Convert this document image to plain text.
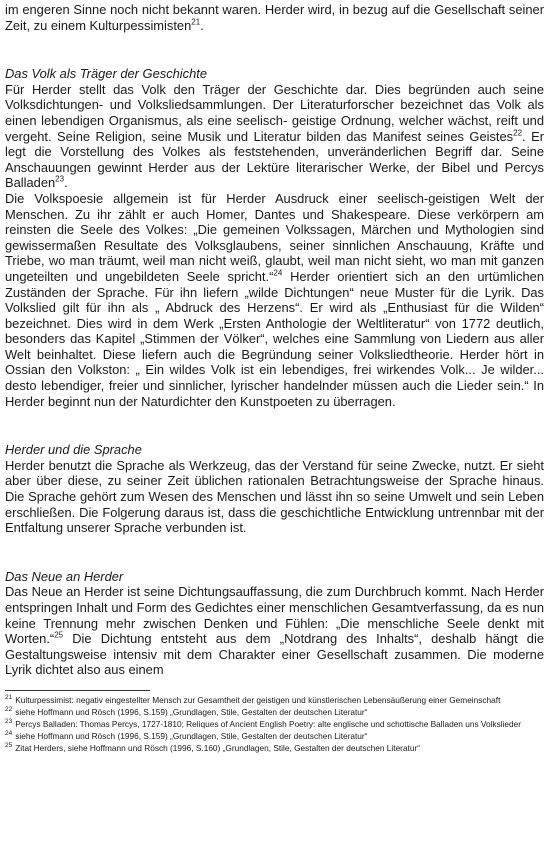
im engeren Sinne noch nicht bekannt waren. Herder wird, in bezug auf die Gesellschaft seiner Zeit, zu einem Kulturpessimisten$^{21}$.

Das Volk als Träger der Geschichte

Für Herder stellt das Volk den Träger der Geschichte dar. Dies begründen auch seine Volksdichtungen- und Volksliedsammlungen. Der Literaturforscher bezeichnet das Volk als einen lebendigen Organismus, als eine seelisch- geistige Ordnung, welcher wächst, reift und vergeht. Seine Religion, seine Musik und Literatur bilden das Manifest seines Geistes$^{22}$. Er legt die Vorstellung des Volkes als feststehenden, unveränderlichen Begriff dar. Seine Anschauungen gewinnt Herder aus der Lektüre literarischer Werke, der Bibel und Percys Balladen$^{23}$.

Die Volkspoesie allgemein ist für Herder Ausdruck einer seelisch-geistigen Welt der Menschen. Zu ihr zählt er auch Homer, Dantes und Shakespeare. Diese verkörpern am reinsten die Seele des Volkes: „Die gemeinen Volkssagen, Märchen und Mythologien sind gewissermaßen Resultate des Volksglaubens, seiner sinnlichen Anschauung, Kräfte und Triebe, wo man träumt, weil man nicht weiß, glaubt, weil man nicht sieht, wo man mit ganzen ungeteilten und ungebildeten Seele spricht.“$^{24}$ Herder orientiert sich an den urtümlichen Zuständen der Sprache. Für ihn liefern „wilde Dichtungen“ neue Muster für die Lyrik. Das Volkslied gilt für ihn als „ Abdruck des Herzens“. Er wird als „Enthusiast für die Wilden“ bezeichnet. Dies wird in dem Werk „Ersten Anthologie der Weltliteratur“ von 1772 deutlich, besonders das Kapitel „Stimmen der Völker“, welches eine Sammlung von Liedern aus aller Welt beinhaltet. Diese liefern auch die Begründung seiner Volksliedtheorie. Herder hört in Ossian den Volkston: „ Ein wildes Volk ist ein lebendiges, frei wirkendes Volk... Je wilder... desto lebendiger, freier und sinnlicher, lyrischer handelnder müssen auch die Lieder sein.“ In Herder beginnt nun der Naturdichter den Kunstpoeten zu überragen.

Herder und die Sprache

Herder benutzt die Sprache als Werkzeug, das der Verstand für seine Zwecke, nutzt. Er sieht aber über diese, zu seiner Zeit üblichen rationalen Betrachtungsweise der Sprache hinaus. Die Sprache gehört zum Wesen des Menschen und lässt ihn so seine Umwelt und sein Leben erschließen. Die Folgerung daraus ist, dass die geschichtliche Entwicklung untrennbar mit der Entfaltung unserer Sprache verbunden ist.

Das Neue an Herder

Das Neue an Herder ist seine Dichtungsauffassung, die zum Durchbruch kommt. Nach Herder entspringen Inhalt und Form des Gedichtes einer menschlichen Gesamtverfassung, da es nun keine Trennung mehr zwischen Denken und Fühlen: „Die menschliche Seele denkt mit Worten.“$^{25}$ Die Dichtung entsteht aus dem „Notdrang des Inhalts“, deshalb hängt die Gestaltungsweise intensiv mit dem Charakter einer Gesellschaft zusammen. Die moderne Lyrik dichtet also aus einem

$^{21}$ Kulturpessimist: negativ eingestellter Mensch zur Gesamtheit der geistigen und künstlerischen Lebensäußerung einer Gemeinschaft

$^{22}$ siehe Hoffmann und Rösch (1996, S.159) „Grundlagen, Stile, Gestalten der deutschen Literatur“

$^{23}$ Percys Balladen: Thomas Percys, 1727-1810; Reliques of Ancient English Poetry: alte englische und schottische Balladen uns Volkslieder

$^{24}$ siehe Hoffmann und Rösch (1996, S.159) „Grundlagen, Stile, Gestalten der deutschen Literatur“

$^{25}$ Zitat Herders, siehe Hoffmann und Rösch (1996, S.160) „Grundlagen, Stile, Gestalten der deutschen Literatur“
